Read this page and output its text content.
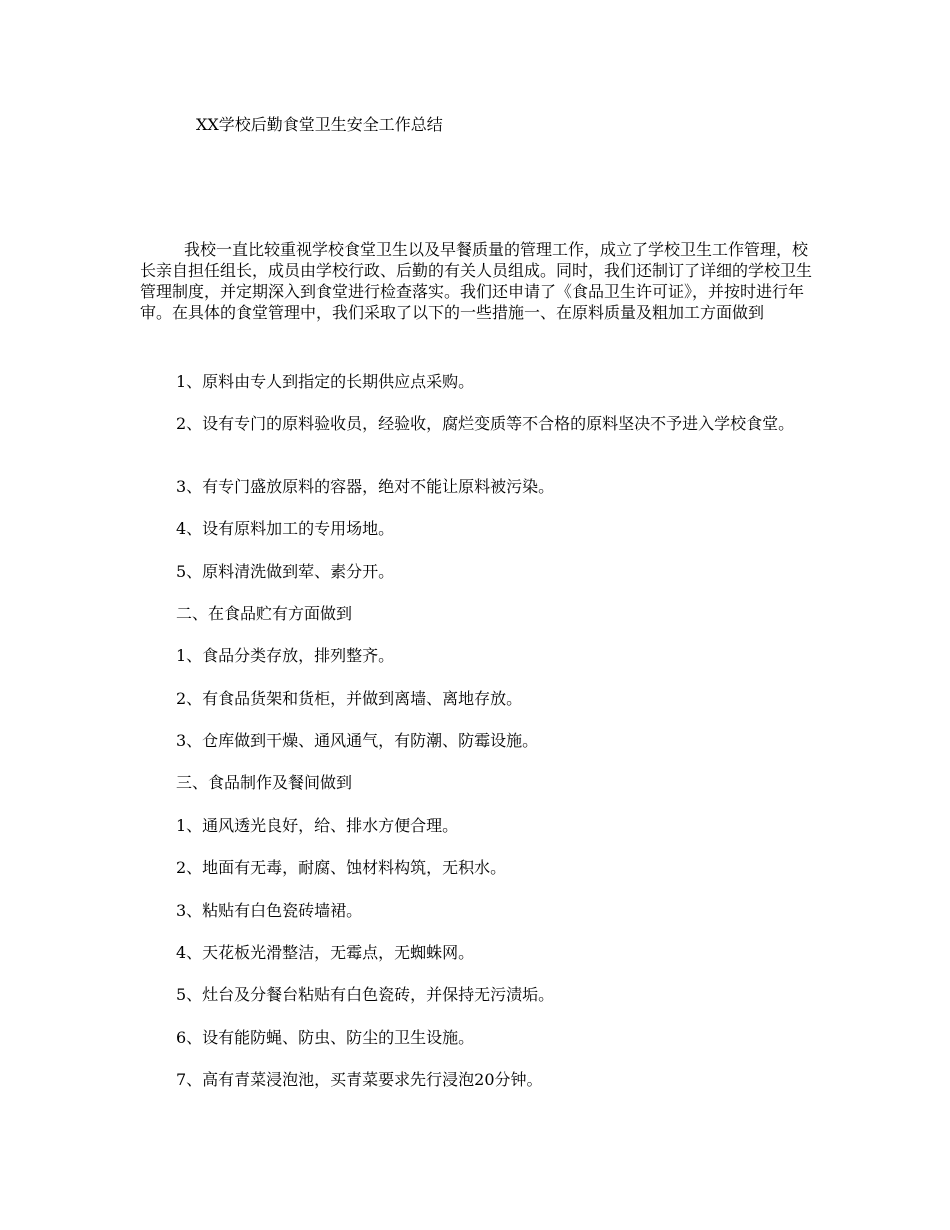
XX学校后勤食堂卫生安全工作总结

我校一直比较重视学校食堂卫生以及早餐质量的管理工作，成立了学校卫生工作管理，校长亲自担任组长，成员由学校行政、后勤的有关人员组成。同时，我们还制订了详细的学校卫生管理制度，并定期深入到食堂进行检查落实。我们还申请了《食品卫生许可证》，并按时进行年审。在具体的食堂管理中，我们采取了以下的一些措施一、在原料质量及粗加工方面做到

1、原料由专人到指定的长期供应点采购。

2、设有专门的原料验收员，经验收，腐烂变质等不合格的原料坚决不予进入学校食堂。

3、有专门盛放原料的容器，绝对不能让原料被污染。

4、设有原料加工的专用场地。

5、原料清洗做到荤、素分开。

二、在食品贮有方面做到

1、食品分类存放，排列整齐。

2、有食品货架和货柜，并做到离墙、离地存放。

3、仓库做到干燥、通风通气，有防潮、防霉设施。

三、食品制作及餐间做到

1、通风透光良好，给、排水方便合理。

2、地面有无毒，耐腐、蚀材料构筑，无积水。

3、粘贴有白色瓷砖墙裙。

4、天花板光滑整洁，无霉点，无蜘蛛网。

5、灶台及分餐台粘贴有白色瓷砖，并保持无污渍垢。

6、设有能防蝇、防虫、防尘的卫生设施。

7、高有青菜浸泡池，买青菜要求先行浸泡20分钟。
